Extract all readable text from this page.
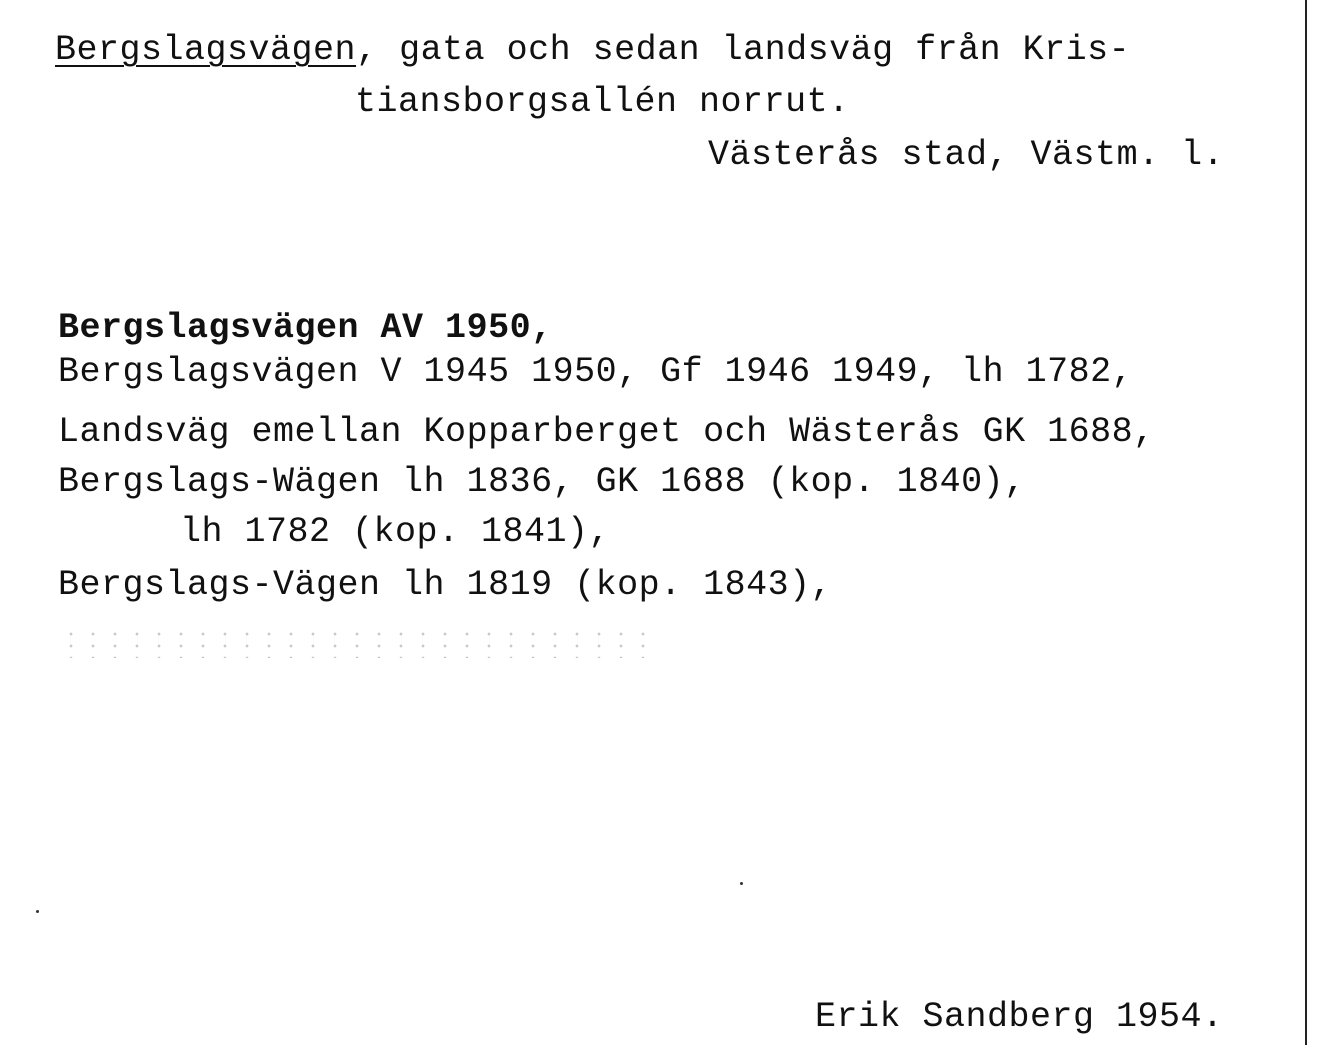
Bergslagsvägen, gata och sedan landsväg från Kris-
tiansborgsallén norrut.
Västerås stad, Västm. l.
Bergslagsvägen AV 1950,
Bergslagsvägen V 1945 1950, Gf 1946 1949, lh 1782,
Landsväg emellan Kopparberget och Wästerås GK 1688,
Bergslags-Wägen lh 1836, GK 1688 (kop. 1840),
lh 1782 (kop. 1841),
Bergslags-Vägen lh 1819 (kop. 1843),
Erik Sandberg 1954.
